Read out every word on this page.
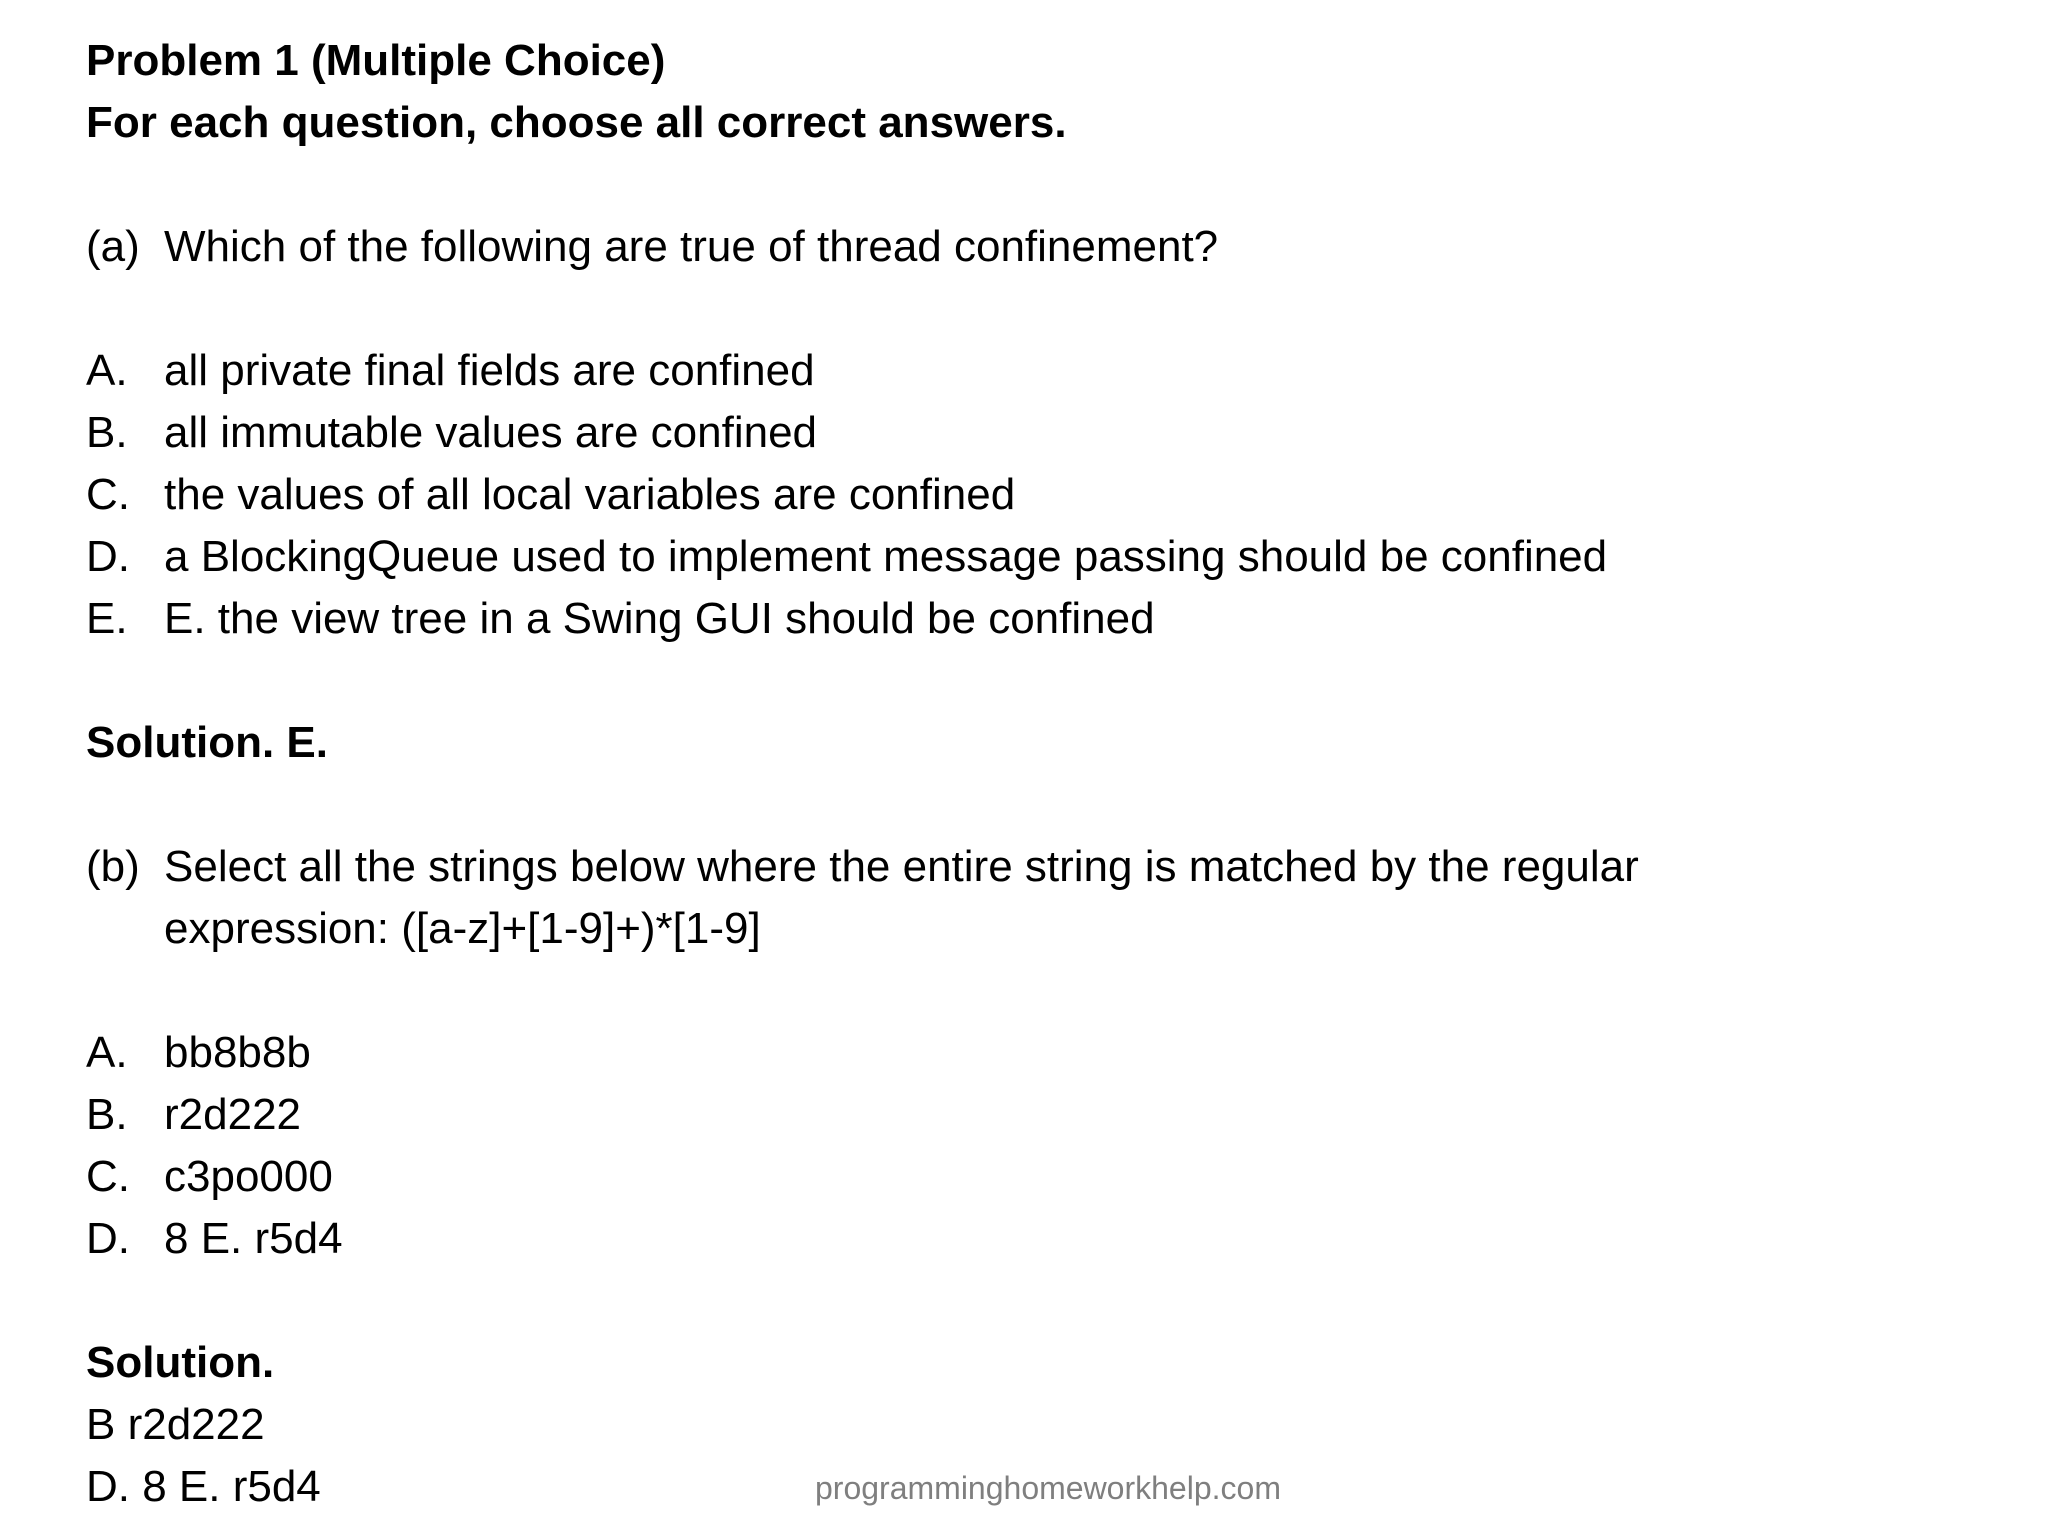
Problem 1 (Multiple Choice)
For each question, choose all correct answers.
(a) Which of the following are true of thread confinement?
A. all private final fields are confined
B. all immutable values are confined
C. the values of all local variables are confined
D. a BlockingQueue used to implement message passing should be confined
E. E. the view tree in a Swing GUI should be confined
Solution. E.
(b) Select all the strings below where the entire string is matched by the regular
expression: ([a-z]+[1-9]+)*[1-9]
A. bb8b8b
B. r2d222
C. c3po000
D. 8 E. r5d4
Solution.
B r2d222
D. 8 E. r5d4	programminghomeworkhelp.com
